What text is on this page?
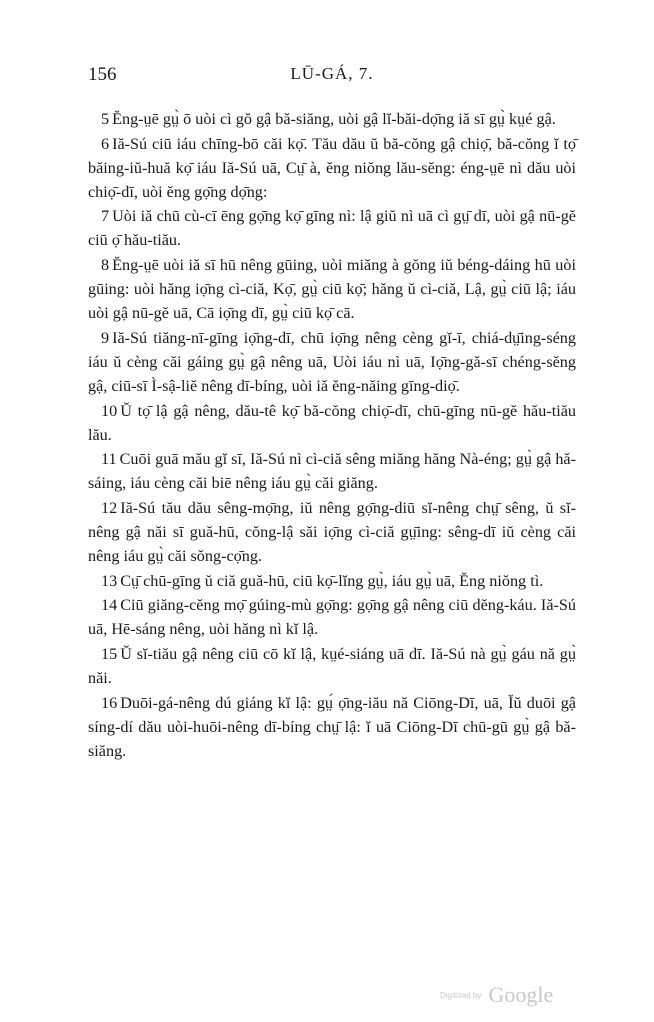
156	LŪ-GÁ, 7.

5 Ĕng-ṳē gṳ̀ ō uòi cì gŏ gậ bă-siăng, uòi gậ lĭ-băi-dọ̄ng iă sī gṳ̀ kṳé gậ.

6 Iă-Sú ciū iáu chīng-bō căi kọ̄. Tău dău ŭ bă-cŏng gậ chiọ̄, bă-cŏng ĭ tọ̄ băing-iŭ-huă kọ̄ iáu Iă-Sú uā, Cṳ̄ à, ĕng niŏng lău-sĕng: éng-ṳē nì dău uòi chiọ̄-dī, uòi ĕng gọ̄ng dọ̄ng:

7 Uòi iă chū cù-cī ēng gọ̄ng kọ̄ gīng nì: lậ giŭ nì uā cì gṳ̄ dī, uòi gậ nū-gĕ ciū ọ̄ hău-tiău.

8 Ĕng-ṳē uòi iă sī hū nêng gūing, uòi miăng à gŏng iŭ béng-dáing hū uòi gūing: uòi hăng iọ̄ng cì-ciă, Kọ̄, gṳ̀ ciū kọ̄; hăng ŭ cì-ciă, Lậ, gṳ̀ ciū lậ; iáu uòi gậ nū-gĕ uā, Cā iọ̄ng dī, gṳ̀ ciū kọ̄ cā.

9 Iă-Sú tiăng-nī-gīng iọ̄ng-dī, chū iọ̄ng nêng cèng gĭ-ī, chiá-dṳ̄ing-séng iáu ŭ cèng căi gáing gṳ̀ gậ nêng uā, Uòi iáu nì uā, Iọ̄ng-gă-sī chéng-sĕng gậ, ciū-sī Ì-sậ-liĕ nêng dī-bíng, uòi iă ĕng-năing gīng-diọ̄.

10 Ŭ tọ̄ lậ gậ nêng, dău-tê kọ̄ bă-cŏng chiọ̄-dī, chū-gīng nū-gĕ hău-tiău lău.

11 Cuōi guā mău gĭ sī, Iă-Sú nì cì-ciă sêng miăng hăng Nà-éng; gṳ̀ gậ hă-sáing, iáu cèng căi biē nêng iáu gṳ̀ căi giăng.

12 Iă-Sú tău dău sêng-mọ̄ng, iŭ nêng gọ̄ng-diū sĭ-nêng chṳ̄ sêng, ŭ sĭ-nêng gậ năi sī guă-hū, cŏng-lậ săi iọ̄ng cì-ciă gṳ̄ing: sêng-dī iŭ cèng căi nêng iáu gṳ̀ căi sŏng-cọ̄ng.

13 Cṳ̄ chū-gīng ŭ ciă guă-hū, ciū kọ̄-lĭng gṳ̀, iáu gṳ̀ uā, Ĕng niŏng tì.

14 Ciū giăng-cĕng mọ̄ gúing-mù gọ̄ng: gọ̄ng gậ nêng ciū dĕng-káu. Iă-Sú uā, Hē-sáng nêng, uòi hăng nì kĭ lậ.

15 Ŭ sĭ-tiău gậ nêng ciū cō kĭ lậ, kṳé-siáng uā dī. Iă-Sú nà gṳ̀ gáu nă gṳ̀ năi.

16 Duōi-gá-nêng dú giáng kĭ lậ: gṳ́ ọ̄ng-iău nă Ciōng-Dī, uā, Ĭŭ duōi gậ síng-dí dău uòi-huōi-nêng dī-bíng chṳ̄ lậ: ĭ uā Ciōng-Dī chū-gū gṳ̀ gậ bă-siăng.

Digitized by Google
